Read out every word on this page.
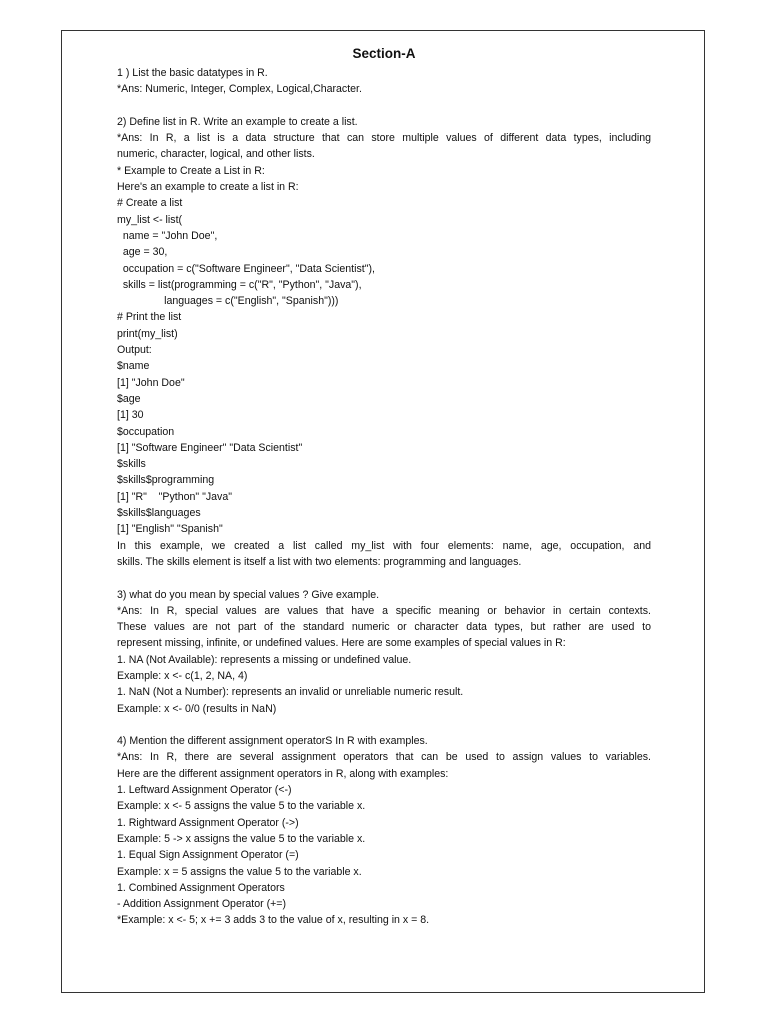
Section-A
1 ) List the basic datatypes in R.
*Ans: Numeric, Integer, Complex, Logical,Character.
2) Define list in R. Write an example to create a list.
*Ans: In R, a list is a data structure that can store multiple values of different data types, including
numeric, character, logical, and other lists.
* Example to Create a List in R:
Here's an example to create a list in R:
# Create a list
my_list <- list(
name = "John Doe",
age = 30,
occupation = c("Software Engineer", "Data Scientist"),
skills = list(programming = c("R", "Python", "Java"),
languages = c("English", "Spanish")))
# Print the list
print(my_list)
Output:
$name
[1] "John Doe"
$age
[1] 30
$occupation
[1] "Software Engineer" "Data Scientist"
$skills
$skills$programming
[1] "R"    "Python" "Java"
$skills$languages
[1] "English" "Spanish"
In this example, we created a list called my_list with four elements: name, age, occupation, and
skills. The skills element is itself a list with two elements: programming and languages.
3) what do you mean by special values ? Give example.
*Ans: In R, special values are values that have a specific meaning or behavior in certain contexts.
These values are not part of the standard numeric or character data types, but rather are used to
represent missing, infinite, or undefined values. Here are some examples of special values in R:
1. NA (Not Available): represents a missing or undefined value.
Example: x <- c(1, 2, NA, 4)
1. NaN (Not a Number): represents an invalid or unreliable numeric result.
Example: x <- 0/0 (results in NaN)
4) Mention the different assignment operatorS In R with examples.
*Ans: In R, there are several assignment operators that can be used to assign values to variables.
Here are the different assignment operators in R, along with examples:
1. Leftward Assignment Operator (<-)
Example: x <- 5 assigns the value 5 to the variable x.
1. Rightward Assignment Operator (->)
Example: 5 -> x assigns the value 5 to the variable x.
1. Equal Sign Assignment Operator (=)
Example: x = 5 assigns the value 5 to the variable x.
1. Combined Assignment Operators
- Addition Assignment Operator (+=)
*Example: x <- 5; x += 3 adds 3 to the value of x, resulting in x = 8.
